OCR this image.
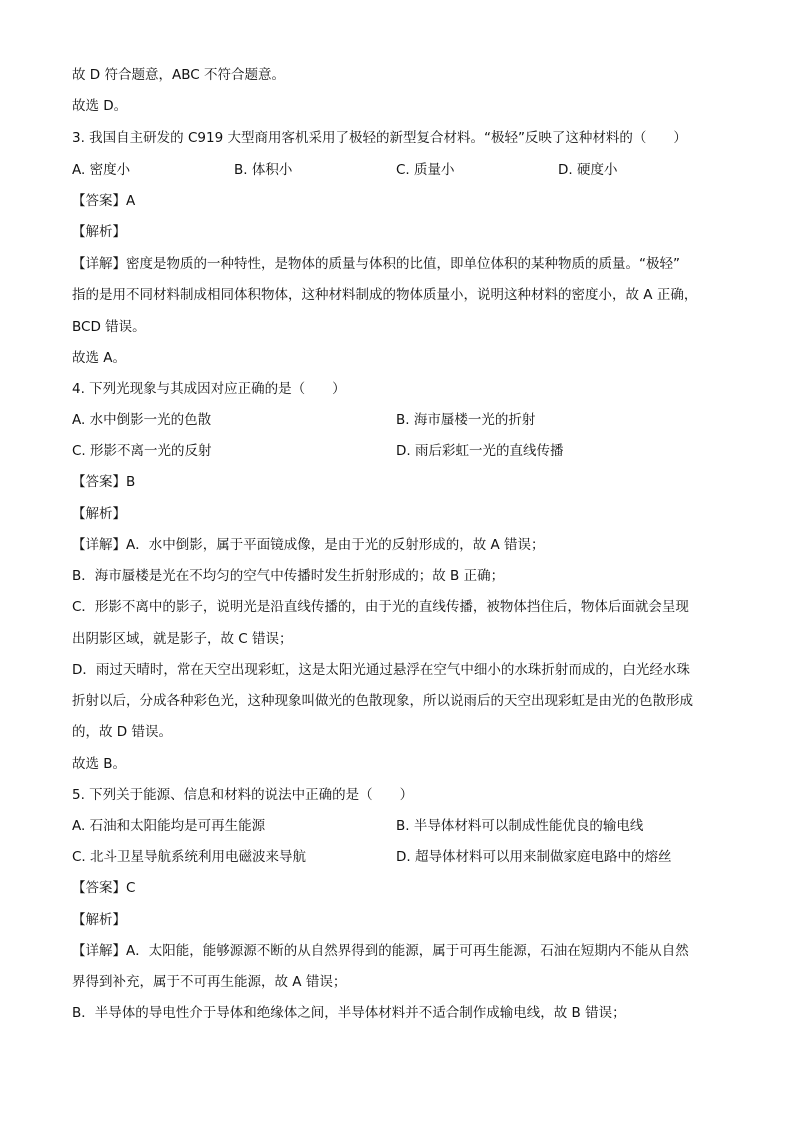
故 D 符合题意，ABC 不符合题意。
故选 D。
3. 我国自主研发的 C919 大型商用客机采用了极轻的新型复合材料。“极轻”反映了这种材料的（　　）
A. 密度小	B. 体积小	C. 质量小	D. 硬度小
【答案】A
【解析】
【详解】密度是物质的一种特性，是物体的质量与体积的比值，即单位体积的某种物质的质量。“极轻”
指的是用不同材料制成相同体积物体，这种材料制成的物体质量小，说明这种材料的密度小，故 A 正确，
BCD 错误。
故选 A。
4. 下列光现象与其成因对应正确的是（　　）
A. 水中倒影一光的色散	B. 海市蜃楼一光的折射
C. 形影不离一光的反射	D. 雨后彩虹一光的直线传播
【答案】B
【解析】
【详解】A．水中倒影，属于平面镜成像，是由于光的反射形成的，故 A 错误；
B．海市蜃楼是光在不均匀的空气中传播时发生折射形成的；故 B 正确；
C．形影不离中的影子，说明光是沿直线传播的，由于光的直线传播，被物体挡住后，物体后面就会呈现
出阴影区域，就是影子，故 C 错误；
D．雨过天晴时，常在天空出现彩虹，这是太阳光通过悬浮在空气中细小的水珠折射而成的，白光经水珠
折射以后，分成各种彩色光，这种现象叫做光的色散现象，所以说雨后的天空出现彩虹是由光的色散形成
的，故 D 错误。
故选 B。
5. 下列关于能源、信息和材料的说法中正确的是（　　）
A. 石油和太阳能均是可再生能源	B. 半导体材料可以制成性能优良的输电线
C. 北斗卫星导航系统利用电磁波来导航	D. 超导体材料可以用来制做家庭电路中的熔丝
【答案】C
【解析】
【详解】A．太阳能，能够源源不断的从自然界得到的能源，属于可再生能源，石油在短期内不能从自然
界得到补充，属于不可再生能源，故 A 错误；
B．半导体的导电性介于导体和绝缘体之间，半导体材料并不适合制作成输电线，故 B 错误；
